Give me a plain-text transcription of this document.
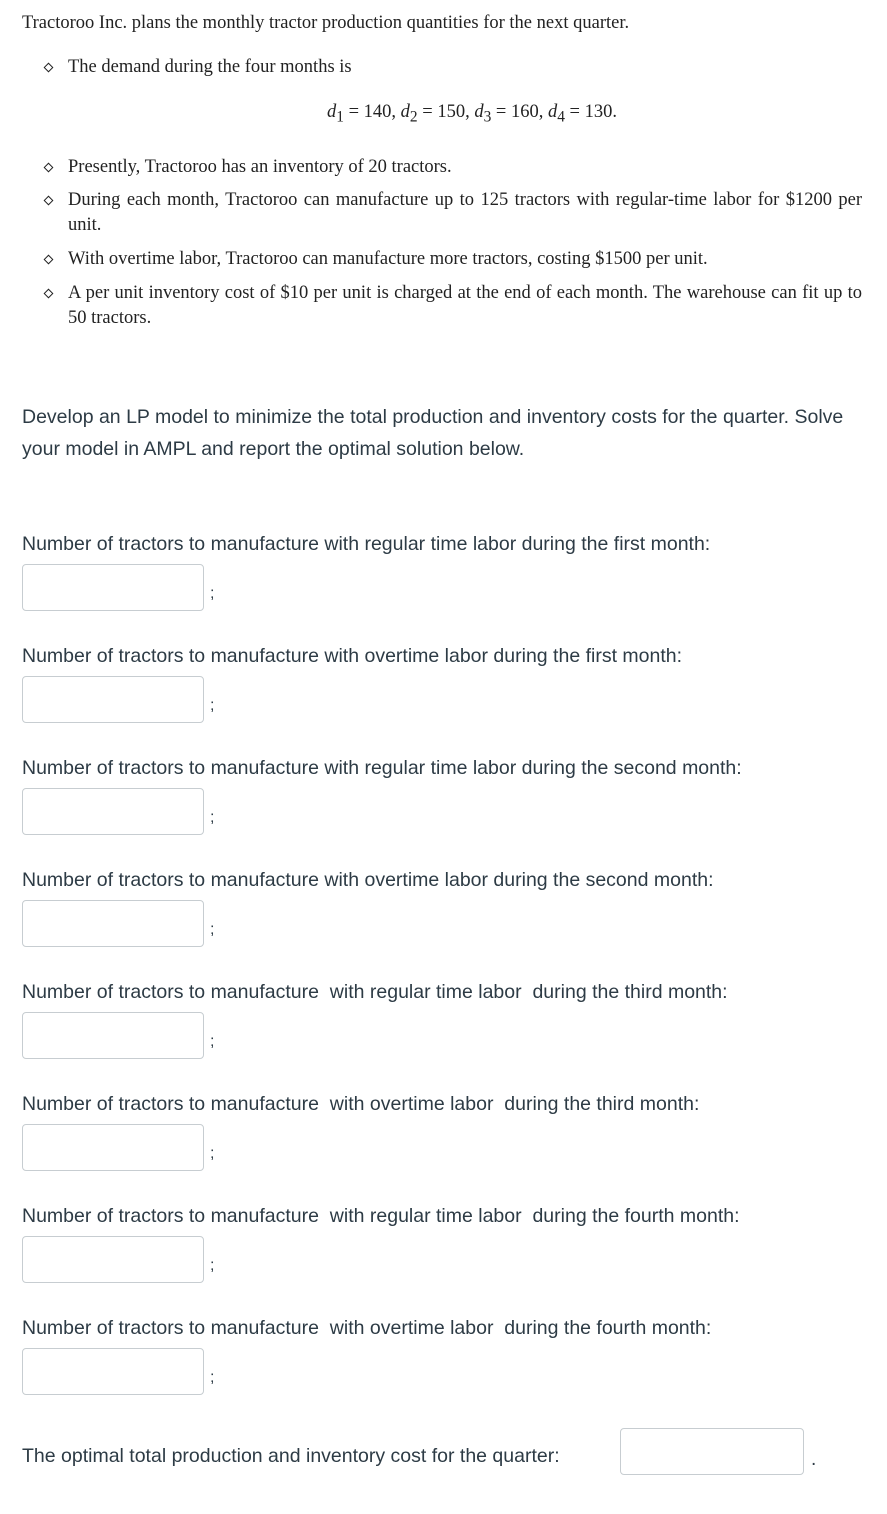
Tractoroo Inc. plans the monthly tractor production quantities for the next quarter.

The demand during the four months is
$d_1 = 140$, $d_2 = 150$, $d_3 = 160$, $d_4 = 130$.
Presently, Tractoroo has an inventory of 20 tractors.
During each month, Tractoroo can manufacture up to 125 tractors with regular-time labor for $1200 per unit.
With overtime labor, Tractoroo can manufacture more tractors, costing $1500 per unit.
A per unit inventory cost of $10 per unit is charged at the end of each month. The warehouse can fit up to 50 tractors.
Develop an LP model to minimize the total production and inventory costs for the quarter. Solve your model in AMPL and report the optimal solution below.
Number of tractors to manufacture with regular time labor during the first month:
;
Number of tractors to manufacture with overtime labor during the first month:
;
Number of tractors to manufacture with regular time labor during the second month:
;
Number of tractors to manufacture with overtime labor during the second month:
;
Number of tractors to manufacture  with regular time labor  during the third month:
;
Number of tractors to manufacture  with overtime labor  during the third month:
;
Number of tractors to manufacture  with regular time labor  during the fourth month:
;
Number of tractors to manufacture  with overtime labor  during the fourth month:
;
The optimal total production and inventory cost for the quarter:	.
